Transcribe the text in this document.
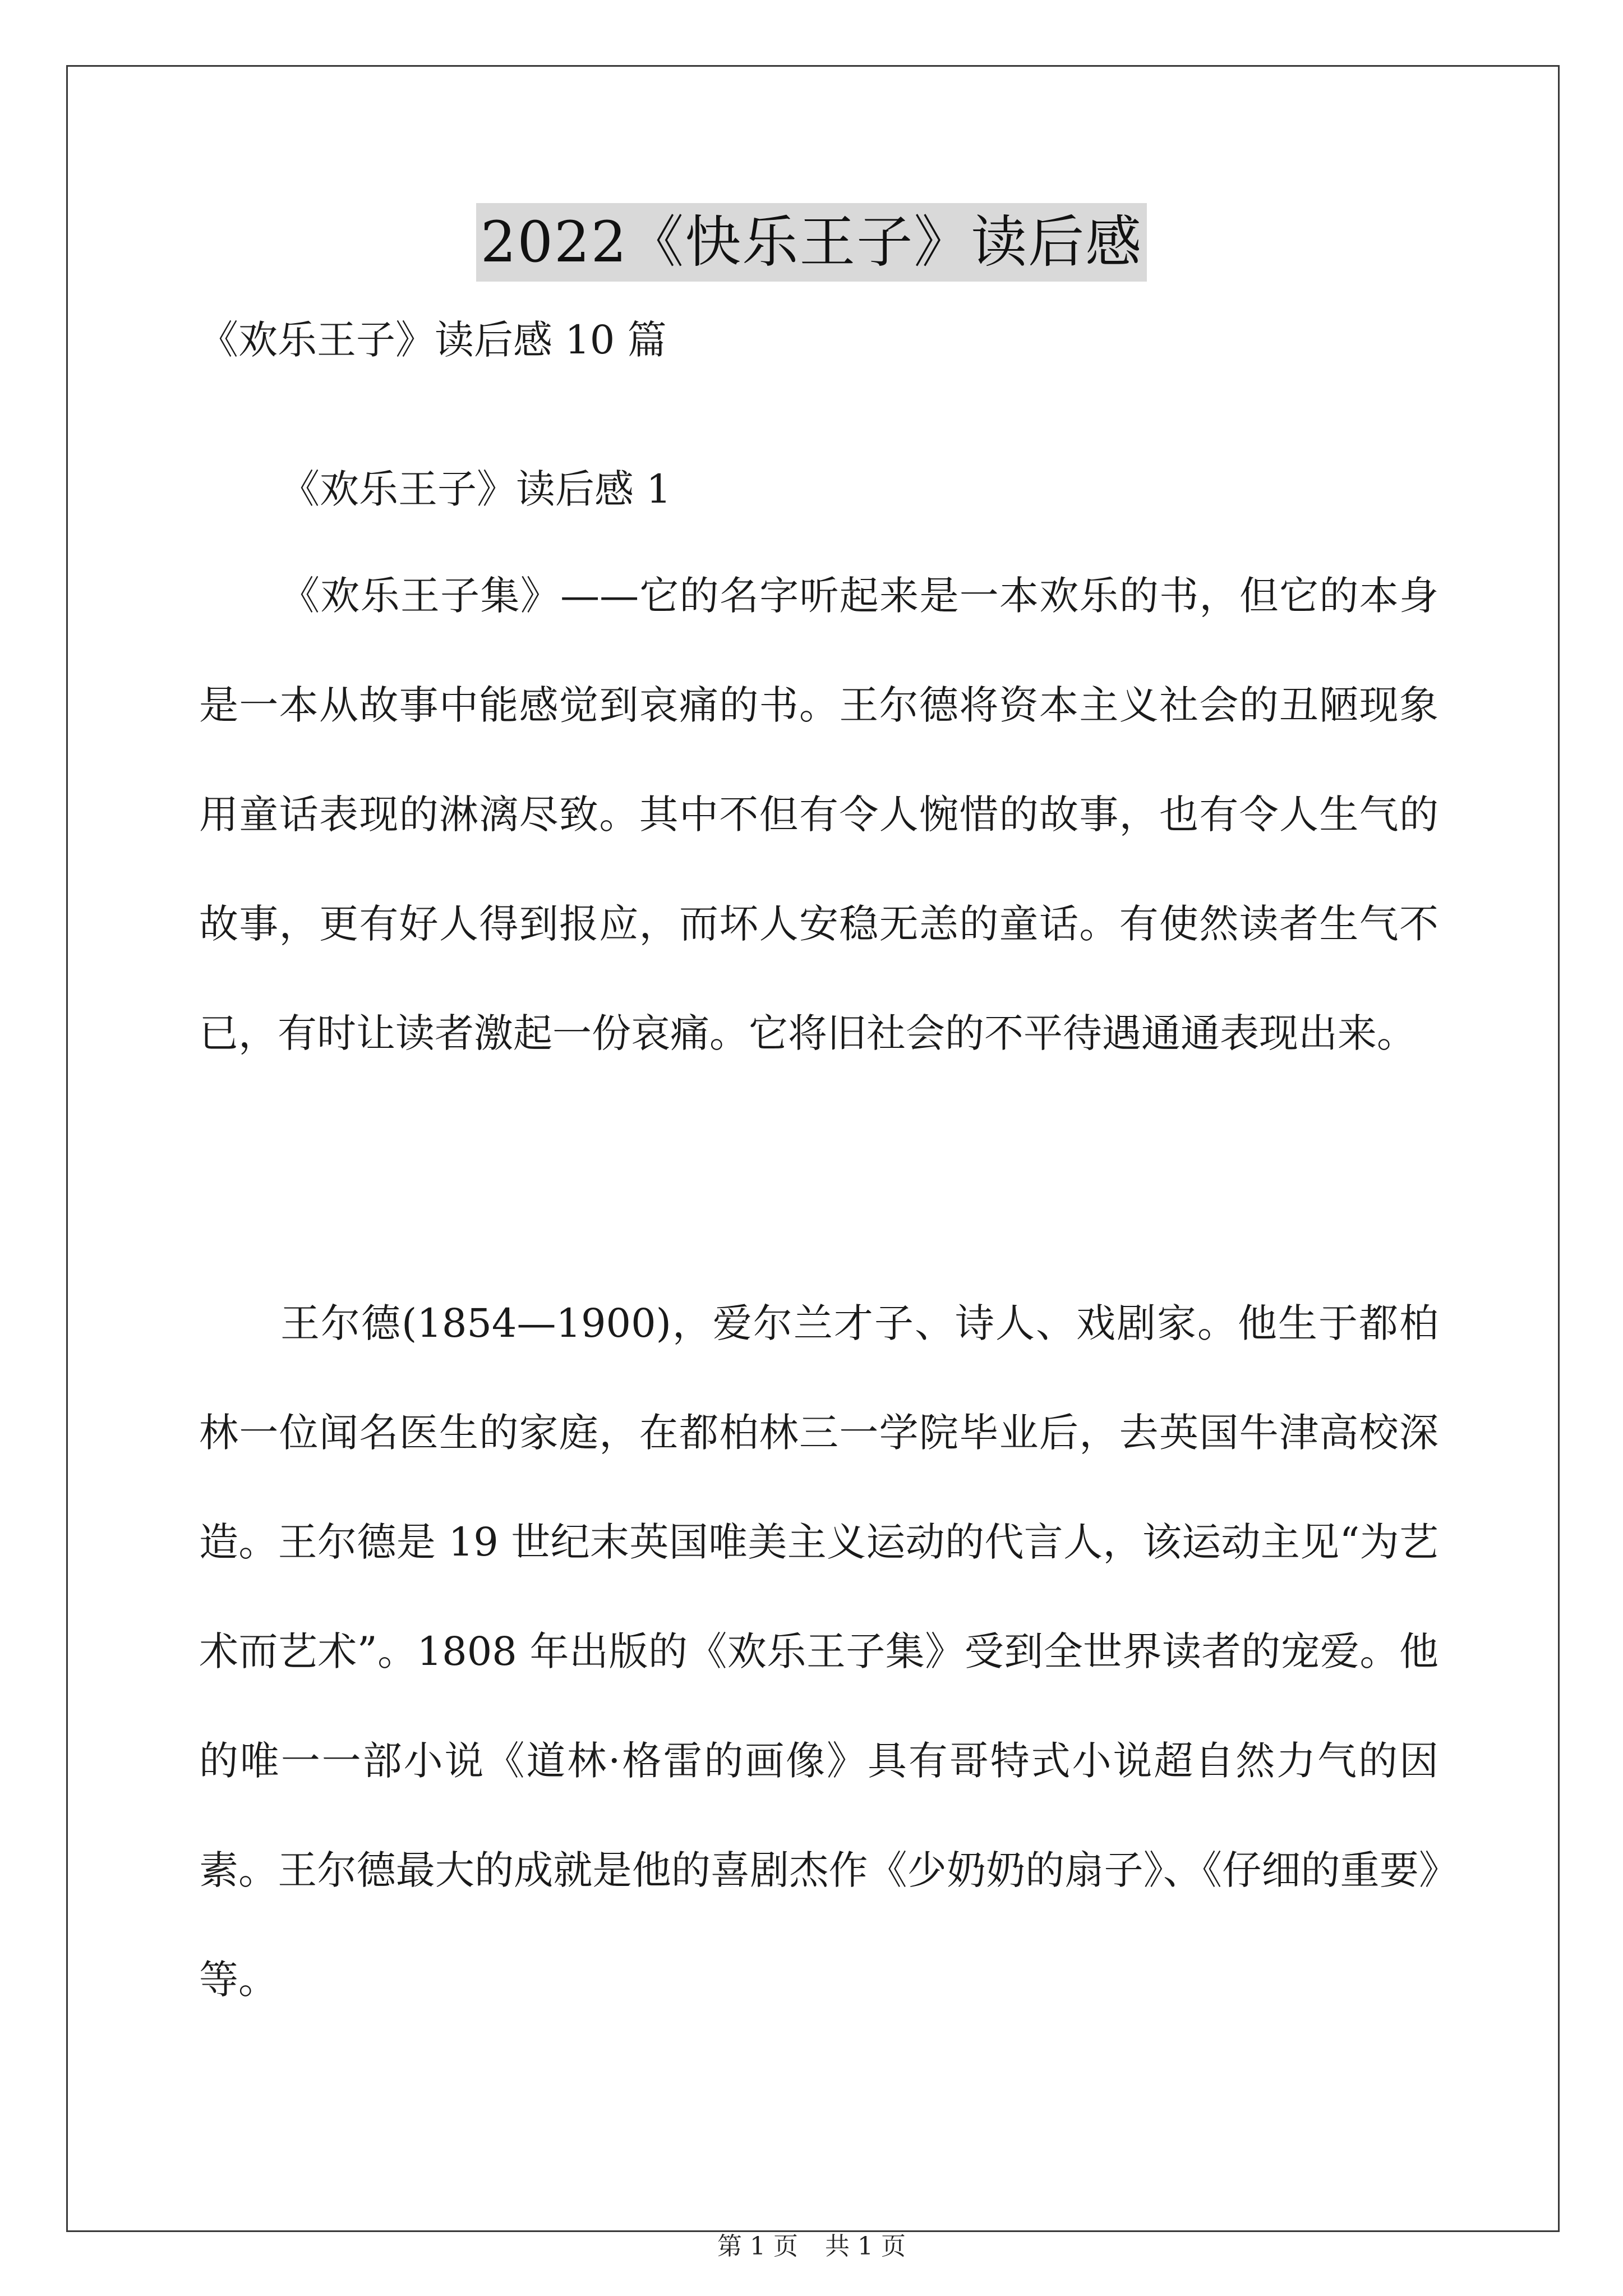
2022《快乐王子》读后感
《欢乐王子》读后感 10 篇
《欢乐王子》读后感 1

《欢乐王子集》——它的名字听起来是一本欢乐的书，但它的本身是一本从故事中能感觉到哀痛的书。王尔德将资本主义社会的丑陋现象用童话表现的淋漓尽致。其中不但有令人惋惜的故事，也有令人生气的故事，更有好人得到报应，而坏人安稳无恙的童话。有使然读者生气不已，有时让读者激起一份哀痛。它将旧社会的不平待遇通通表现出来。

王尔德(1854—1900)，爱尔兰才子、诗人、戏剧家。他生于都柏林一位闻名医生的家庭，在都柏林三一学院毕业后，去英国牛津高校深造。王尔德是 19 世纪末英国唯美主义运动的代言人，该运动主见“为艺术而艺术”。1808 年出版的《欢乐王子集》受到全世界读者的宠爱。他的唯一一部小说《道林·格雷的画像》具有哥特式小说超自然力气的因素。王尔德最大的成就是他的喜剧杰作《少奶奶的扇子》、《仔细的重要》等。

第 1 页 共 1 页
